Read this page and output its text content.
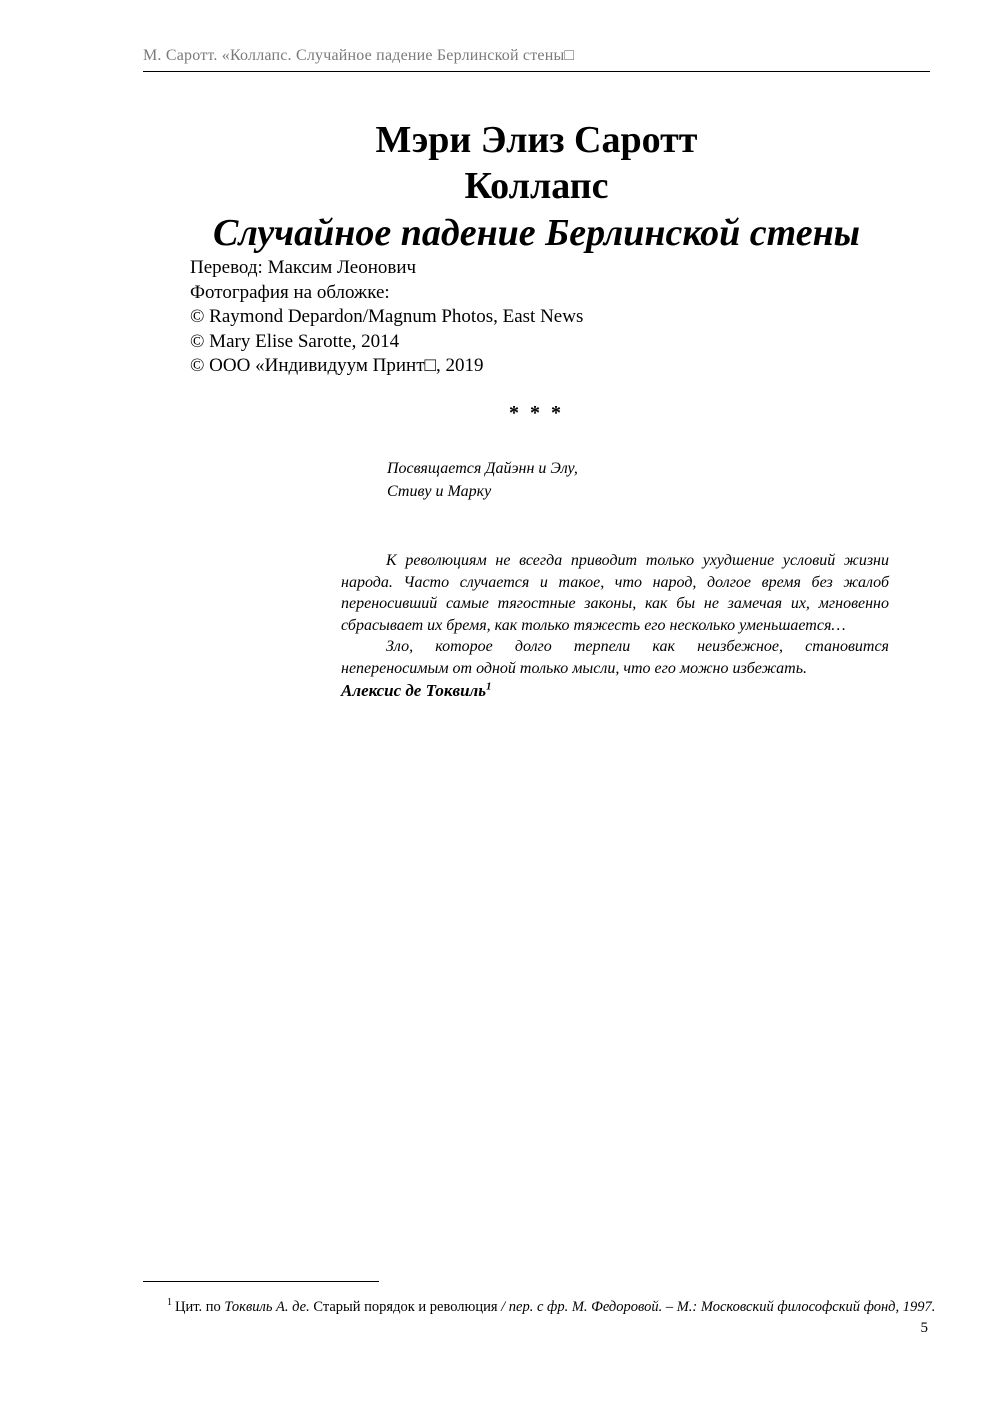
М. Саротт. «Коллапс. Случайное падение Берлинской стены□
Мэри Элиз Саротт
Коллапс
Случайное падение Берлинской стены
Перевод: Максим Леонович
Фотография на обложке:
© Raymond Depardon/Magnum Photos, East News
© Mary Elise Sarotte, 2014
© ООО «Индивидуум Принт□, 2019
* * *
Посвящается Дайэнн и Элу,
Стиву и Марку

К революциям не всегда приводит только ухудшение условий жизни народа. Часто случается и такое, что народ, долгое время без жалоб переносивший самые тягостные законы, как бы не замечая их, мгновенно сбрасывает их бремя, как только тяжесть его несколько уменьшается…

Зло, которое долго терпели как неизбежное, становится непереносимым от одной только мысли, что его можно избежать.

Алексис де Токвиль$^1$
$^1$ Цит. по Токвиль А. де. Старый порядок и революция / пер. с фр. М. Федоровой. – М.: Московский философский фонд, 1997.
5
